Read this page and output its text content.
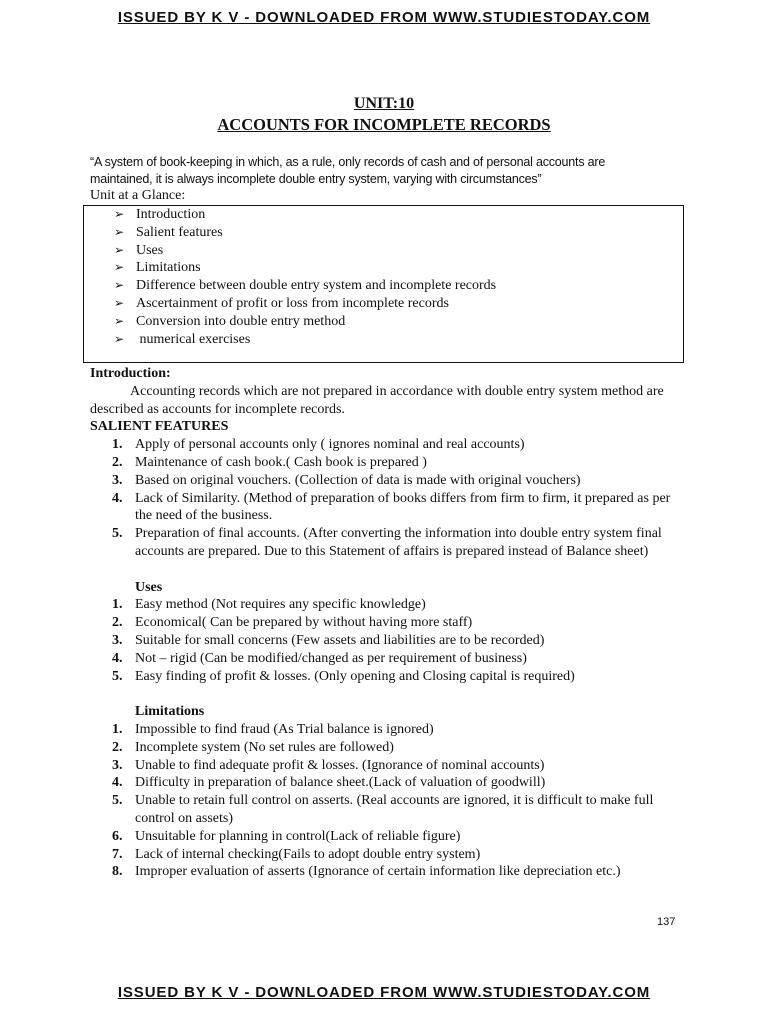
ISSUED BY K V - DOWNLOADED FROM WWW.STUDIESTODAY.COM
UNIT:10
ACCOUNTS FOR INCOMPLETE RECORDS
“A system of book-keeping in which, as a rule, only records of cash and of personal accounts are maintained, it is always incomplete double entry system, varying with circumstances”
Unit at a Glance:
➢ Introduction
➢ Salient features
➢ Uses
➢ Limitations
➢ Difference between double entry system and incomplete records
➢ Ascertainment of profit or loss from incomplete records
➢ Conversion into double entry method
➢ numerical exercises
Introduction:
Accounting records which are not prepared in accordance with double entry system method are described as accounts for incomplete records.
SALIENT FEATURES
1. Apply of personal accounts only ( ignores nominal and real accounts)
2. Maintenance of cash book.( Cash book is prepared )
3. Based on original vouchers. (Collection of data is made with original vouchers)
4. Lack of Similarity. (Method of preparation of books differs from firm to firm, it prepared as per the need of the business.
5. Preparation of final accounts. (After converting the information into double entry system final accounts are prepared. Due to this Statement of affairs is prepared instead of Balance sheet)
Uses
1. Easy method (Not requires any specific knowledge)
2. Economical( Can be prepared by without having more staff)
3. Suitable for small concerns (Few assets and liabilities are to be recorded)
4. Not – rigid (Can be modified/changed as per requirement of business)
5. Easy finding of profit & losses. (Only opening and Closing capital is required)
Limitations
1. Impossible to find fraud (As Trial balance is ignored)
2. Incomplete system (No set rules are followed)
3. Unable to find adequate profit & losses. (Ignorance of nominal accounts)
4. Difficulty in preparation of balance sheet.(Lack of valuation of goodwill)
5. Unable to retain full control on asserts. (Real accounts are ignored, it is difficult to make full control on assets)
6. Unsuitable for planning in control(Lack of reliable figure)
7. Lack of internal checking(Fails to adopt double entry system)
8. Improper evaluation of asserts (Ignorance of certain information like depreciation etc.)
137
ISSUED BY K V - DOWNLOADED FROM WWW.STUDIESTODAY.COM
